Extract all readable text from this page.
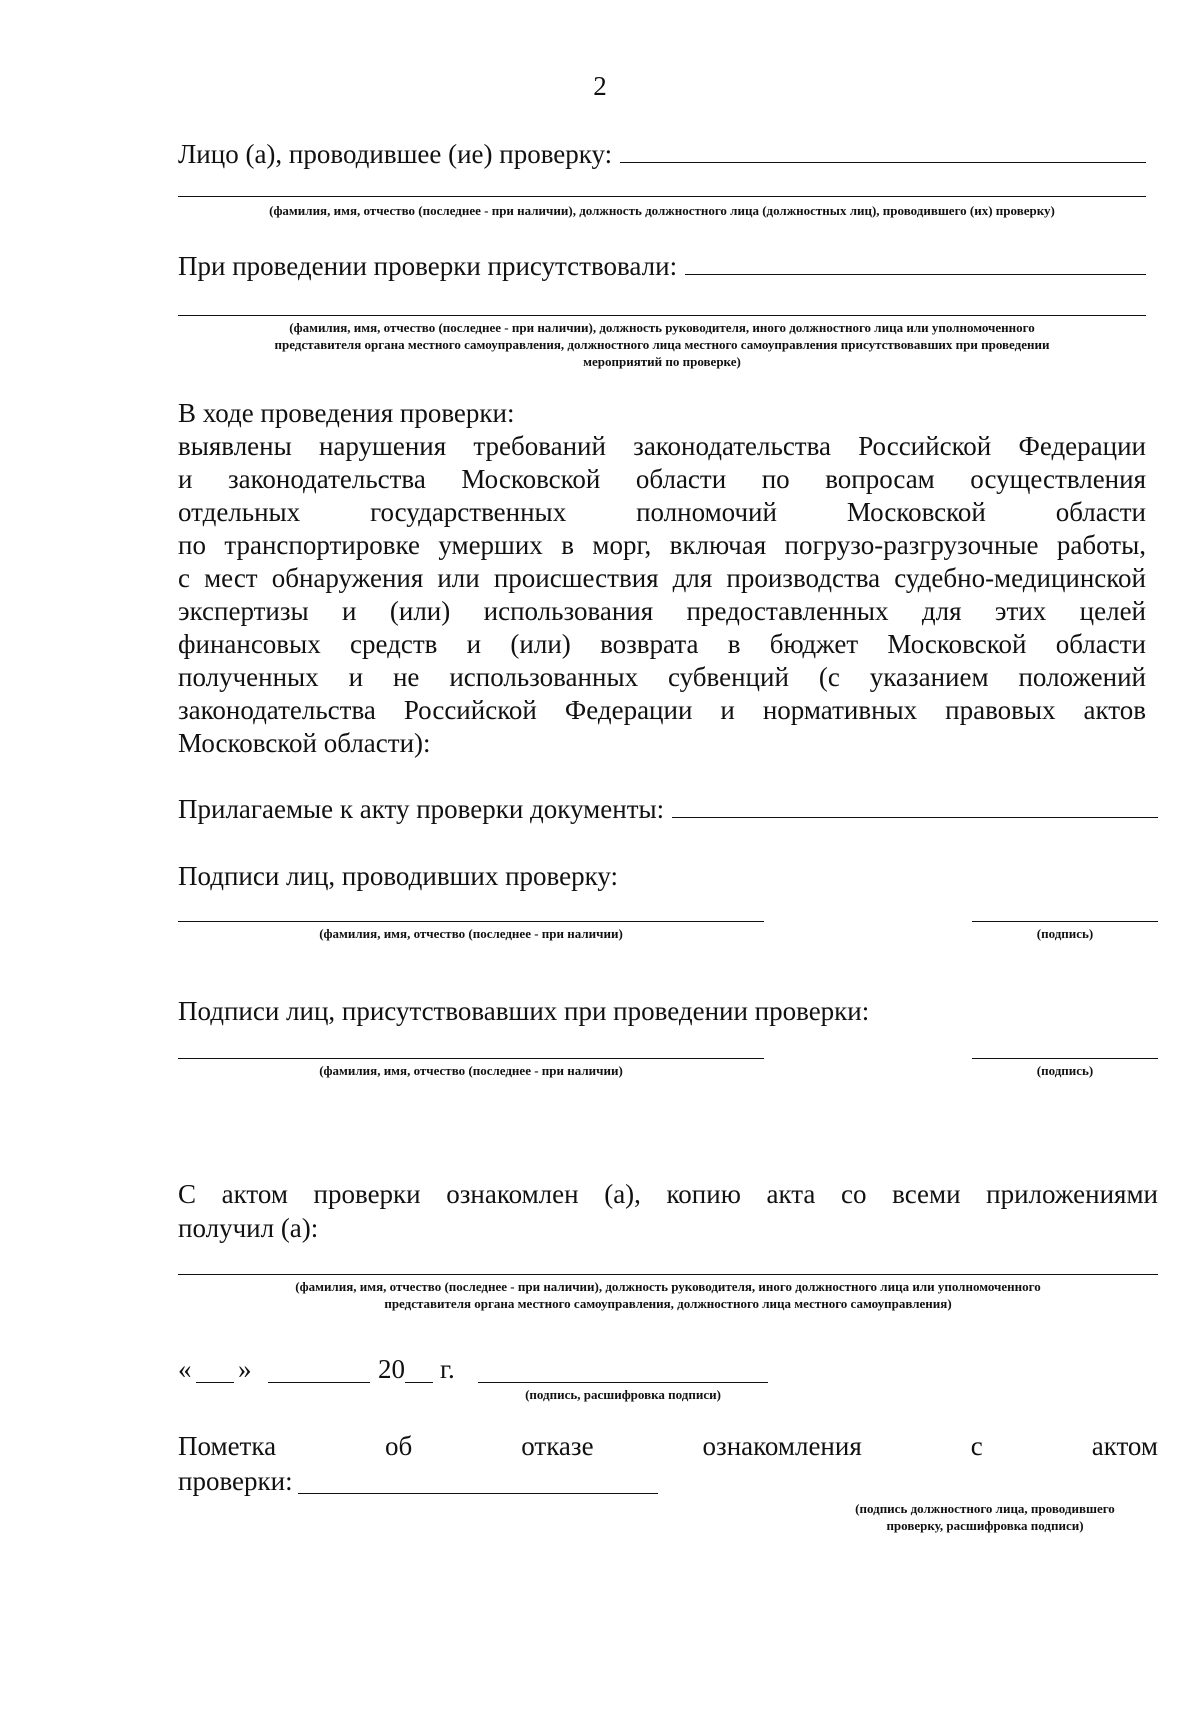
2
Лицо (а), проводившее (ие) проверку:
(фамилия, имя, отчество (последнее - при наличии), должность должностного лица (должностных лиц), проводившего (их) проверку)
При проведении проверки присутствовали:
(фамилия, имя, отчество (последнее - при наличии), должность руководителя, иного должностного лица или уполномоченного
представителя органа местного самоуправления, должностного лица местного самоуправления присутствовавших при проведении
мероприятий по проверке)
В ходе проведения проверки:
выявлены нарушения требований законодательства Российской Федерации
и законодательства Московской области по вопросам осуществления
отдельных государственных полномочий Московской области
по транспортировке умерших в морг, включая погрузо-разгрузочные работы,
с мест обнаружения или происшествия для производства судебно-медицинской
экспертизы и (или) использования предоставленных для этих целей
финансовых средств и (или) возврата в бюджет Московской области
полученных и не использованных субвенций (с указанием положений
законодательства Российской Федерации и нормативных правовых актов
Московской области):
Прилагаемые к акту проверки документы:
Подписи лиц, проводивших проверку:
(фамилия, имя, отчество (последнее - при наличии)	(подпись)
Подписи лиц, присутствовавших при проведении проверки:
(фамилия, имя, отчество (последнее - при наличии)	(подпись)
С актом проверки ознакомлен (а), копию акта со всеми приложениями
получил (а):
(фамилия, имя, отчество (последнее - при наличии), должность руководителя, иного должностного лица или уполномоченного
представителя органа местного самоуправления, должностного лица местного самоуправления)
« »	20 г.
(подпись, расшифровка подписи)
Пометка об отказе ознакомления с актом
проверки:
(подпись должностного лица, проводившего
проверку, расшифровка подписи)
